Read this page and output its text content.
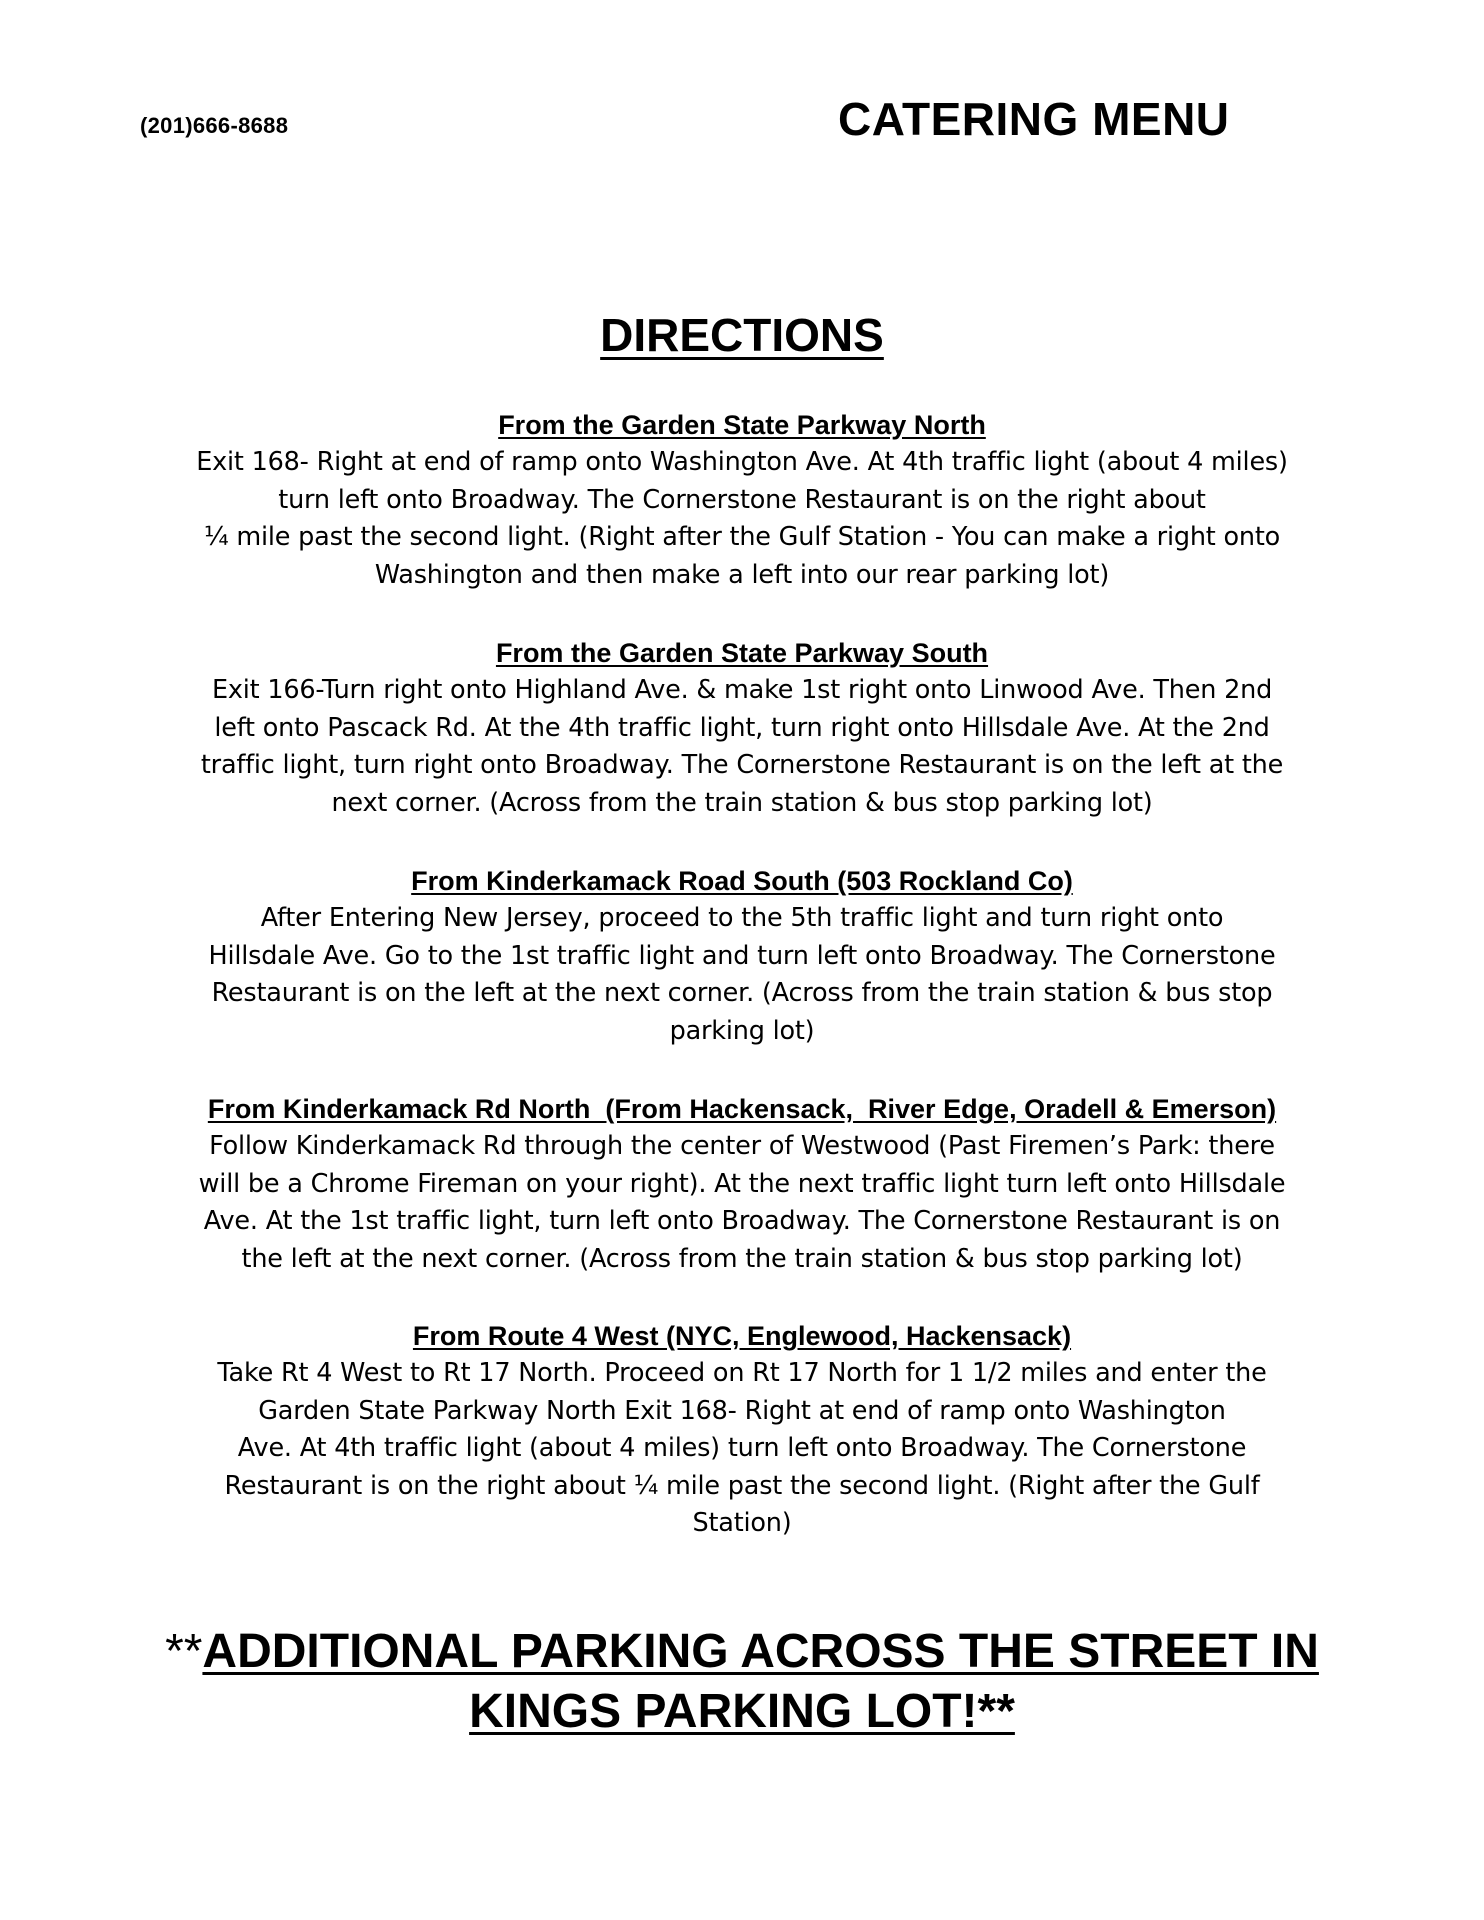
(201)666-8688	CATERING MENU
DIRECTIONS
From the Garden State Parkway North
Exit 168- Right at end of ramp onto Washington Ave. At 4th traffic light (about 4 miles)
turn left onto Broadway. The Cornerstone Restaurant is on the right about
¼ mile past the second light. (Right after the Gulf Station - You can make a right onto
Washington and then make a left into our rear parking lot)
From the Garden State Parkway South
Exit 166-Turn right onto Highland Ave. & make 1st right onto Linwood Ave. Then 2nd
left onto Pascack Rd. At the 4th traffic light, turn right onto Hillsdale Ave. At the 2nd
traffic light, turn right onto Broadway. The Cornerstone Restaurant is on the left at the
next corner. (Across from the train station & bus stop parking lot)
From Kinderkamack Road South (503 Rockland Co)
After Entering New Jersey, proceed to the 5th traffic light and turn right onto
Hillsdale Ave. Go to the 1st traffic light and turn left onto Broadway. The Cornerstone
Restaurant is on the left at the next corner. (Across from the train station & bus stop
parking lot)
From Kinderkamack Rd North  (From Hackensack,  River Edge, Oradell & Emerson)
Follow Kinderkamack Rd through the center of Westwood (Past Firemen’s Park: there
will be a Chrome Fireman on your right). At the next traffic light turn left onto Hillsdale
Ave. At the 1st traffic light, turn left onto Broadway. The Cornerstone Restaurant is on
the left at the next corner. (Across from the train station & bus stop parking lot)
From Route 4 West (NYC, Englewood, Hackensack)
Take Rt 4 West to Rt 17 North. Proceed on Rt 17 North for 1 1/2 miles and enter the
Garden State Parkway North Exit 168- Right at end of ramp onto Washington
Ave. At 4th traffic light (about 4 miles) turn left onto Broadway. The Cornerstone
Restaurant is on the right about ¼ mile past the second light. (Right after the Gulf
Station)
**ADDITIONAL PARKING ACROSS THE STREET IN
KINGS PARKING LOT!**
